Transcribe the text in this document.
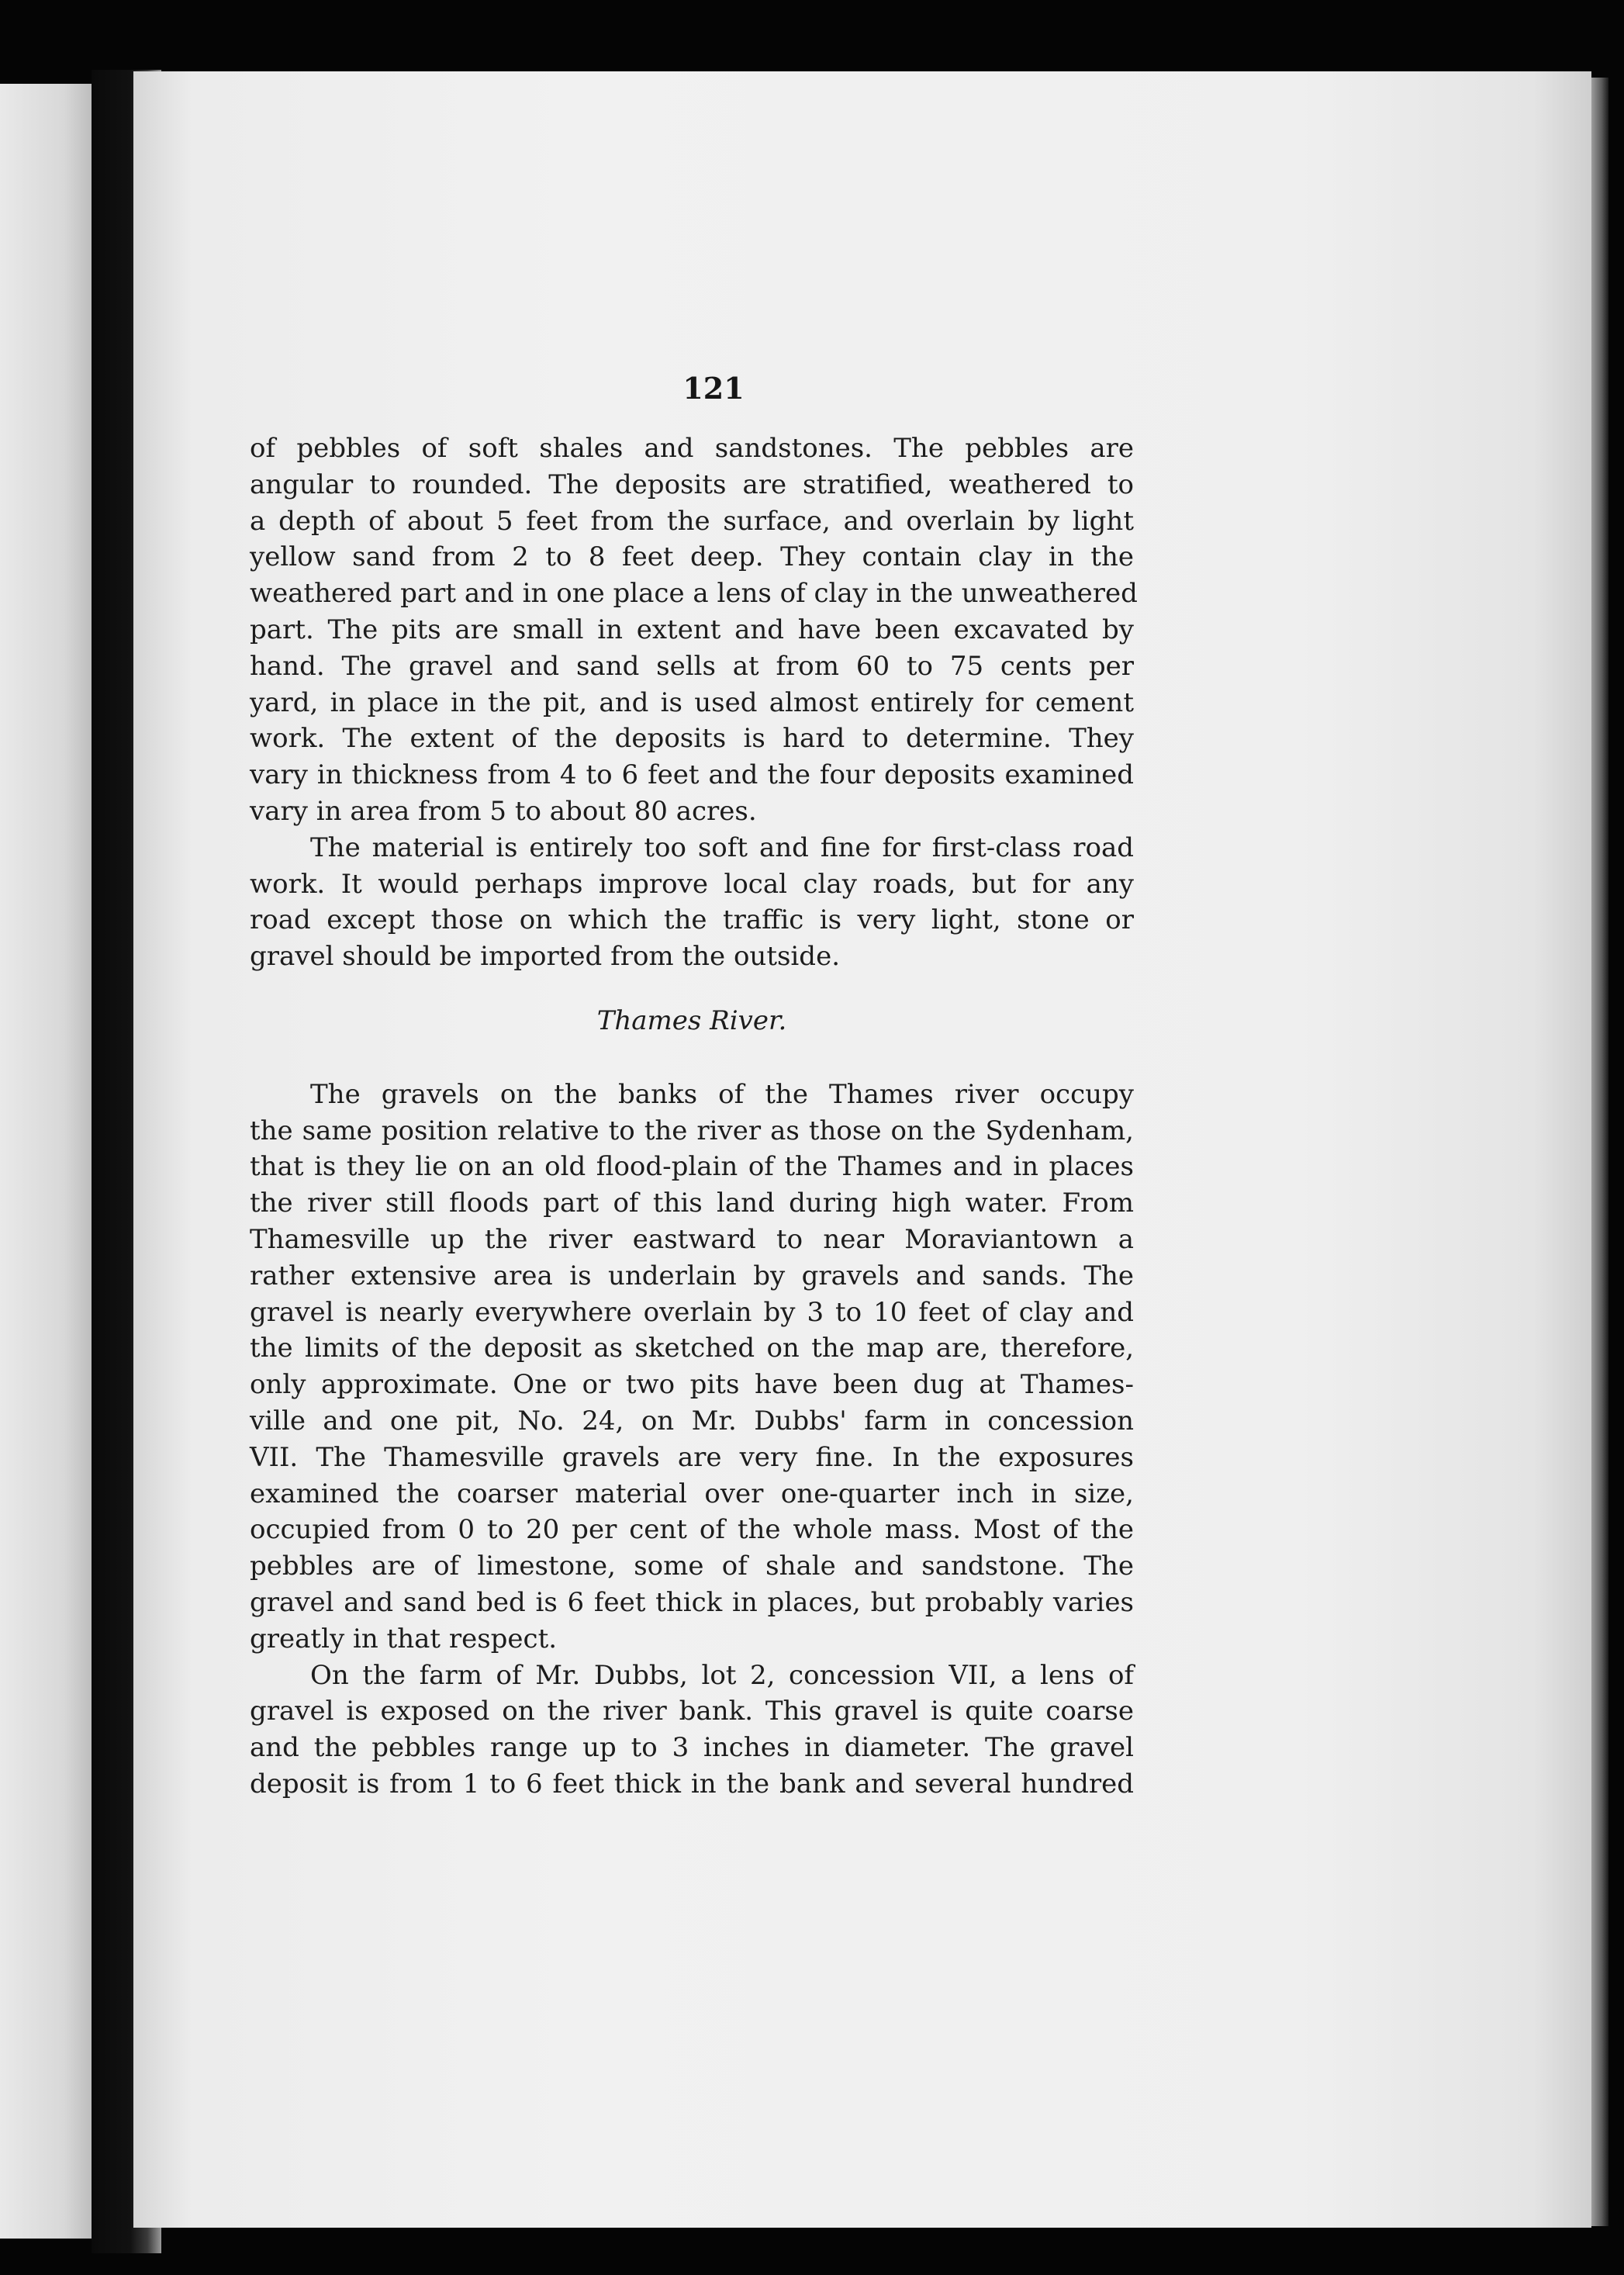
121
of pebbles of soft shales and sandstones. The pebbles are
angular to rounded. The deposits are stratified, weathered to
a depth of about 5 feet from the surface, and overlain by light
yellow sand from 2 to 8 feet deep. They contain clay in the
weathered part and in one place a lens of clay in the unweathered
part. The pits are small in extent and have been excavated by
hand. The gravel and sand sells at from 60 to 75 cents per
yard, in place in the pit, and is used almost entirely for cement
work. The extent of the deposits is hard to determine. They
vary in thickness from 4 to 6 feet and the four deposits examined
vary in area from 5 to about 80 acres.
The material is entirely too soft and fine for first-class road
work. It would perhaps improve local clay roads, but for any
road except those on which the traffic is very light, stone or
gravel should be imported from the outside.
Thames River.
The gravels on the banks of the Thames river occupy
the same position relative to the river as those on the Sydenham,
that is they lie on an old flood-plain of the Thames and in places
the river still floods part of this land during high water. From
Thamesville up the river eastward to near Moraviantown a
rather extensive area is underlain by gravels and sands. The
gravel is nearly everywhere overlain by 3 to 10 feet of clay and
the limits of the deposit as sketched on the map are, therefore,
only approximate. One or two pits have been dug at Thames-
ville and one pit, No. 24, on Mr. Dubbs' farm in concession
VII. The Thamesville gravels are very fine. In the exposures
examined the coarser material over one-quarter inch in size,
occupied from 0 to 20 per cent of the whole mass. Most of the
pebbles are of limestone, some of shale and sandstone. The
gravel and sand bed is 6 feet thick in places, but probably varies
greatly in that respect.
On the farm of Mr. Dubbs, lot 2, concession VII, a lens of
gravel is exposed on the river bank. This gravel is quite coarse
and the pebbles range up to 3 inches in diameter. The gravel
deposit is from 1 to 6 feet thick in the bank and several hundred
